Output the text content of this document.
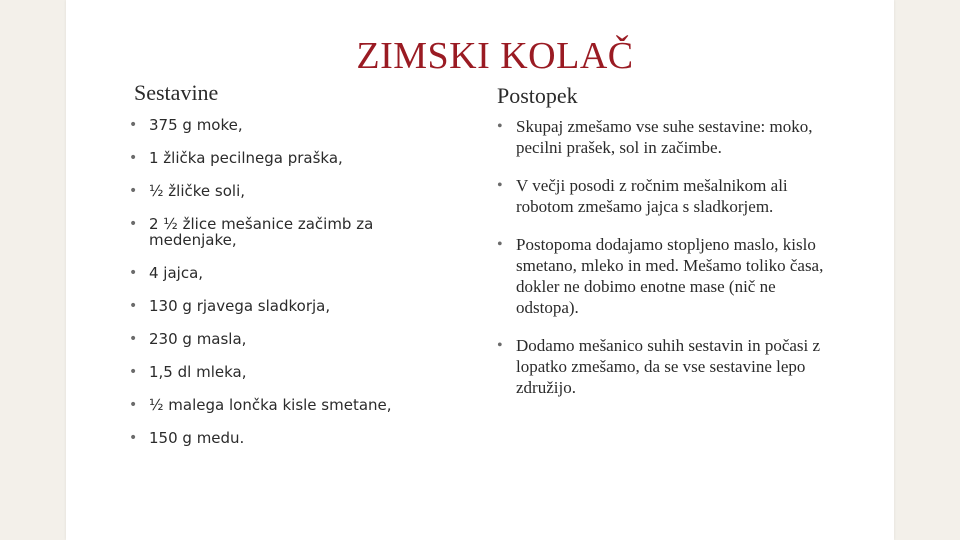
ZIMSKI KOLAČ
Sestavine	Postopek
• 375 g moke,
• 1 žlička pecilnega praška,
• ½ žličke soli,
• 2 ½ žlice mešanice začimb za medenjake,
• 4 jajca,
• 130 g rjavega sladkorja,
• 230 g masla,
• 1,5 dl mleka,
• ½ malega lončka kisle smetane,
• 150 g medu.
• Skupaj zmešamo vse suhe sestavine: moko, pecilni prašek, sol in začimbe.
• V večji posodi z ročnim mešalnikom ali robotom zmešamo jajca s sladkorjem.
• Postopoma dodajamo stopljeno maslo, kislo smetano, mleko in med. Mešamo toliko časa, dokler ne dobimo enotne mase (nič ne odstopa).
• Dodamo mešanico suhih sestavin in počasi z lopatko zmešamo, da se vse sestavine lepo združijo.
